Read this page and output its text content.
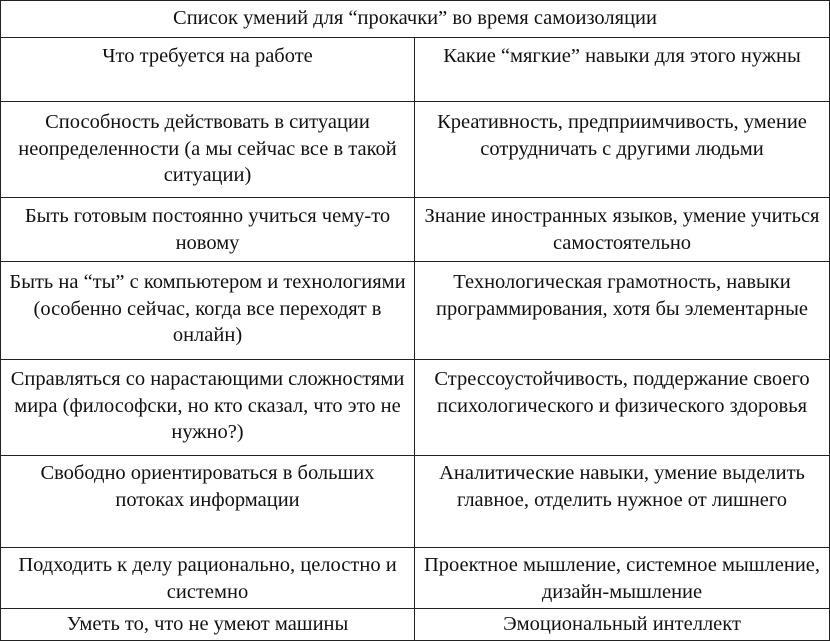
Список умений для “прокачки” во время самоизоляции	
Что требуется на работе	Какие “мягкие” навыки для этого нужны
Способность действовать в ситуации неопределенности (а мы сейчас все в такой ситуации)	Креативность, предприимчивость, умение сотрудничать с другими людьми
Быть готовым постоянно учиться чему-то новому	Знание иностранных языков, умение учиться самостоятельно
Быть на “ты” с компьютером и технологиями (особенно сейчас, когда все переходят в онлайн)	Технологическая грамотность, навыки программирования, хотя бы элементарные
Справляться со нарастающими сложностями мира (философски, но кто сказал, что это не нужно?)	Стрессоустойчивость, поддержание своего психологического и физического здоровья
Свободно ориентироваться в больших потоках информации	Аналитические навыки, умение выделить главное, отделить нужное от лишнего
Подходить к делу рационально, целостно и системно	Проектное мышление, системное мышление, дизайн-мышление
Уметь то, что не умеют машины	Эмоциональный интеллект
